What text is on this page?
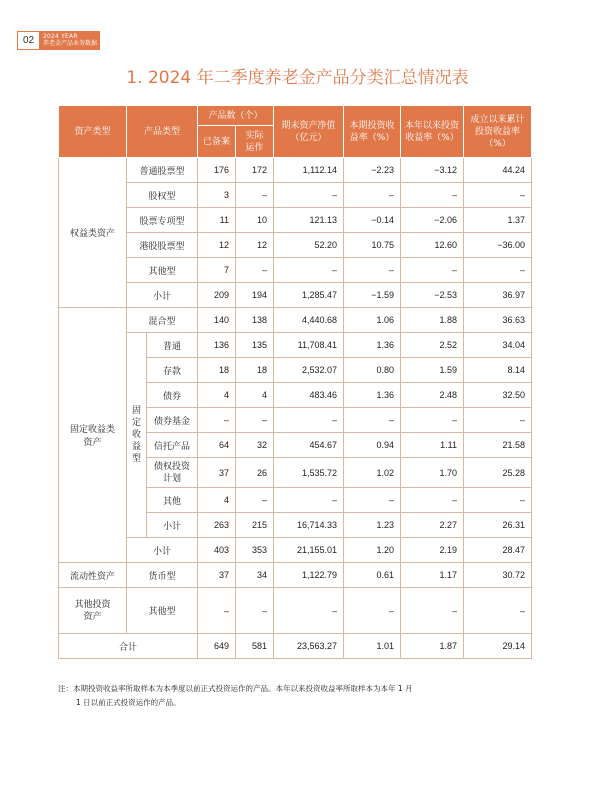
02	2024 YEAR
养老金产品业务数据
1. 2024 年二季度养老金产品分类汇总情况表
资产类型	产品类型		产品数（个）		期末资产净值（亿元）	本期投资收益率（%）	本年以来投资收益率（%）	成立以来累计投资收益率（%）
			已备案	实际运作				
权益类资产	普通股票型		176	172	1,112.14	−2.23	−3.12	44.24
	股权型		3	–	–	–	–	–
	股票专项型		11	10	121.13	−0.14	−2.06	1.37
	港股股票型		12	12	52.20	10.75	12.60	−36.00
	其他型		7	–	–	–	–	–
	小计		209	194	1,285.47	−1.59	−2.53	36.97
固定收益类资产	混合型		140	138	4,440.68	1.06	1.88	36.63
	固定收益型	普通	136	135	11,708.41	1.36	2.52	34.04
		存款	18	18	2,532.07	0.80	1.59	8.14
		债券	4	4	483.46	1.36	2.48	32.50
		债券基金	–	–	–	–	–	–
		信托产品	64	32	454.67	0.94	1.11	21.58
		债权投资计划	37	26	1,535.72	1.02	1.70	25.28
		其他	4	–	–	–	–	–
		小计	263	215	16,714.33	1.23	2.27	26.31
	小计		403	353	21,155.01	1.20	2.19	28.47
流动性资产	货币型		37	34	1,122.79	0.61	1.17	30.72
其他投资资产	其他型		–	–	–	–	–	–
合计			649	581	23,563.27	1.01	1.87	29.14
注：本期投资收益率所取样本为本季度以前正式投资运作的产品。本年以来投资收益率所取样本为本年 1 月
1 日以前正式投资运作的产品。
